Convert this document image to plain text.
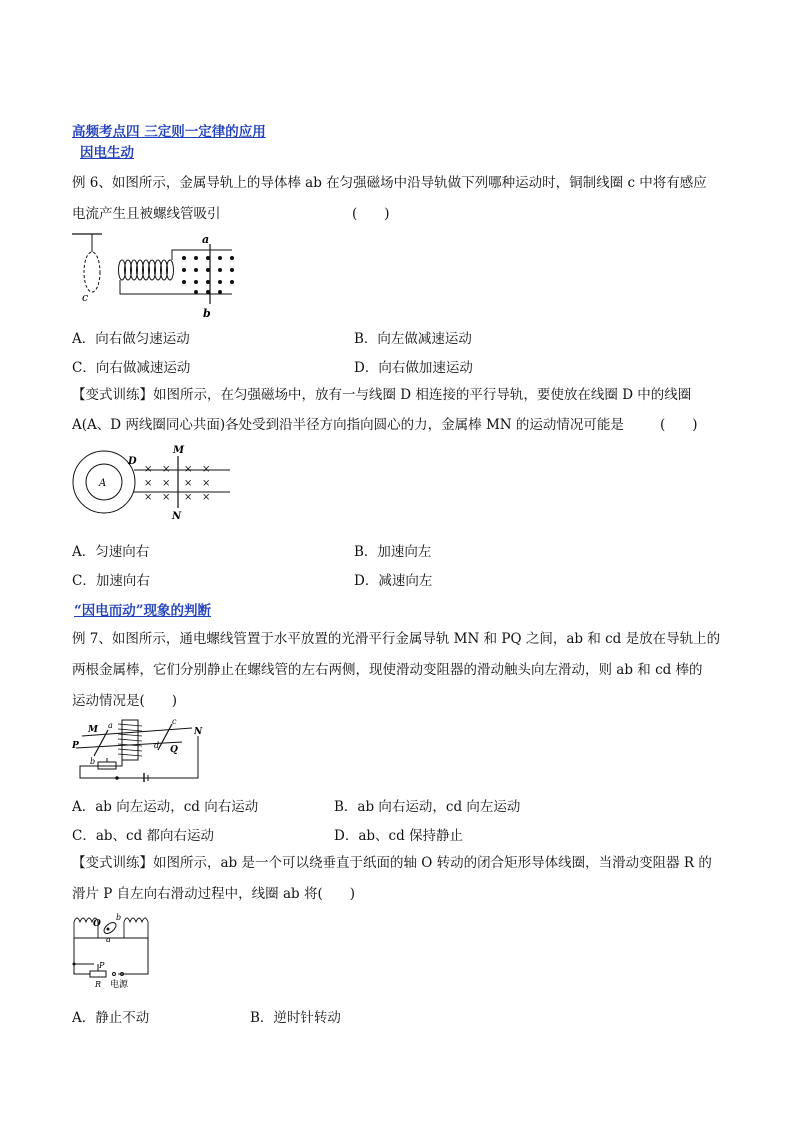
高频考点四 三定则一定律的应用
因电生动
例 6、如图所示，金属导轨上的导体棒 ab 在匀强磁场中沿导轨做下列哪种运动时，铜制线圈 c 中将有感应
电流产生且被螺线管吸引	(　　)
c
a
b
A．向右做匀速运动	B．向左做减速运动
C．向右做减速运动	D．向右做加速运动
【变式训练】如图所示，在匀强磁场中，放有一与线圈 D 相连接的平行导轨，要使放在线圈 D 中的线圈
A(A、D 两线圈同心共面)各处受到沿半径方向指向圆心的力，金属棒 MN 的运动情况可能是	(　　)
A
D
M
N
× × × ×
× × × ×
× × × ×
A．匀速向右	B．加速向左
C．加速向右	D．减速向左
“因电而动”现象的判断
例 7、如图所示，通电螺线管置于水平放置的光滑平行金属导轨 MN 和 PQ 之间，ab 和 cd 是放在导轨上的
两根金属棒，它们分别静止在螺线管的左右两侧，现使滑动变阻器的滑动触头向左滑动，则 ab 和 cd 棒的
运动情况是(　　)
M	N
P	Q
a
b
c
d
A．ab 向左运动，cd 向右运动	B．ab 向右运动，cd 向左运动
C．ab、cd 都向右运动	D．ab、cd 保持静止
【变式训练】如图所示，ab 是一个可以绕垂直于纸面的轴 O 转动的闭合矩形导体线圈，当滑动变阻器 R 的
滑片 P 自左向右滑动过程中，线圈 ab 将(　　)
O
b
a
P
R 电源
A．静止不动	B．逆时针转动
